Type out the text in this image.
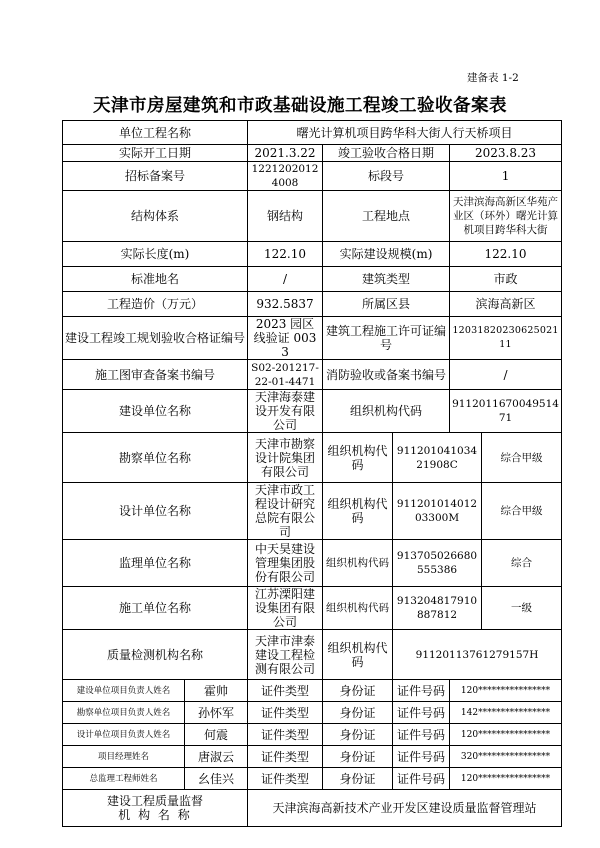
建备表 1-2
天津市房屋建筑和市政基础设施工程竣工验收备案表
单位工程名称		曙光计算机项目跨华科大街人行天桥项目				
实际开工日期		2021.3.22	竣工验收合格日期		2023.8.23	
招标备案号		12212020124008	标段号		1	
结构体系		钢结构	工程地点		天津滨海高新区华苑产业区（环外）曙光计算机项目跨华科大街	
实际长度(m)		122.10	实际建设规模(m)		122.10	
标准地名		/	建筑类型		市政	
工程造价（万元）		932.5837	所属区县		滨海高新区	
建设工程竣工规划验收合格证编号		2023 园区线验证 0033	建筑工程施工许可证编号		1203182023062502111	
施工图审查备案书编号		S02-201217-22-01-4471	消防验收或备案书编号		/	
建设单位名称		天津海泰建设开发有限公司	组织机构代码		911201167004951471	
勘察单位名称		天津市勘察设计院集团有限公司	组织机构代码	91120104103421908C		综合甲级
设计单位名称		天津市政工程设计研究总院有限公司	组织机构代码	91120101401203300M		综合甲级
监理单位名称		中天昊建设管理集团股份有限公司	组织机构代码	913705026680555386		综合
施工单位名称		江苏溧阳建设集团有限公司	组织机构代码	913204817910887812		一级
质量检测机构名称		天津市津泰建设工程检测有限公司	组织机构代码	91120113761279157H		
建设单位项目负责人姓名	霍帅	证件类型	身份证	证件号码	120****************	
勘察单位项目负责人姓名	孙怀军	证件类型	身份证	证件号码	142****************	
设计单位项目负责人姓名	何震	证件类型	身份证	证件号码	120****************	
项目经理姓名	唐淑云	证件类型	身份证	证件号码	320****************	
总监理工程师姓名	幺佳兴	证件类型	身份证	证件号码	120****************	

建设工程质量监督
机 构 名 称		天津滨海高新技术产业开发区建设质量监督管理站				
